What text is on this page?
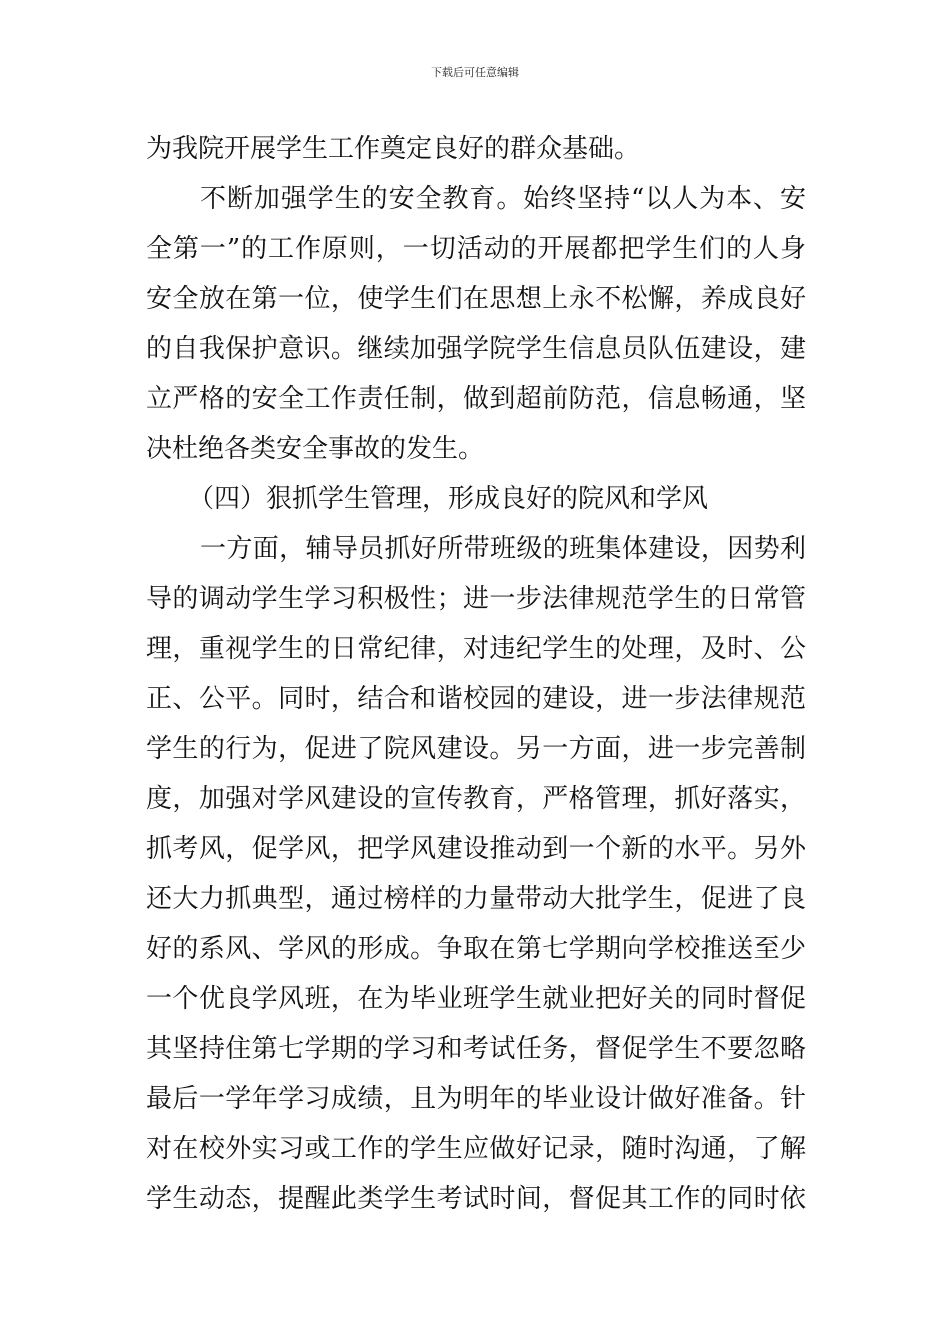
下载后可任意编辑
为我院开展学生工作奠定良好的群众基础。
不断加强学生的安全教育。始终坚持“以人为本、安
全第一”的工作原则，一切活动的开展都把学生们的人身
安全放在第一位，使学生们在思想上永不松懈，养成良好
的自我保护意识。继续加强学院学生信息员队伍建设，建
立严格的安全工作责任制，做到超前防范，信息畅通，坚
决杜绝各类安全事故的发生。
（四）狠抓学生管理，形成良好的院风和学风
一方面，辅导员抓好所带班级的班集体建设，因势利
导的调动学生学习积极性；进一步法律规范学生的日常管
理，重视学生的日常纪律，对违纪学生的处理，及时、公
正、公平。同时，结合和谐校园的建设，进一步法律规范
学生的行为，促进了院风建设。另一方面，进一步完善制
度，加强对学风建设的宣传教育，严格管理，抓好落实，
抓考风，促学风，把学风建设推动到一个新的水平。另外
还大力抓典型，通过榜样的力量带动大批学生，促进了良
好的系风、学风的形成。争取在第七学期向学校推送至少
一个优良学风班，在为毕业班学生就业把好关的同时督促
其坚持住第七学期的学习和考试任务，督促学生不要忽略
最后一学年学习成绩，且为明年的毕业设计做好准备。针
对在校外实习或工作的学生应做好记录，随时沟通，了解
学生动态，提醒此类学生考试时间，督促其工作的同时依
